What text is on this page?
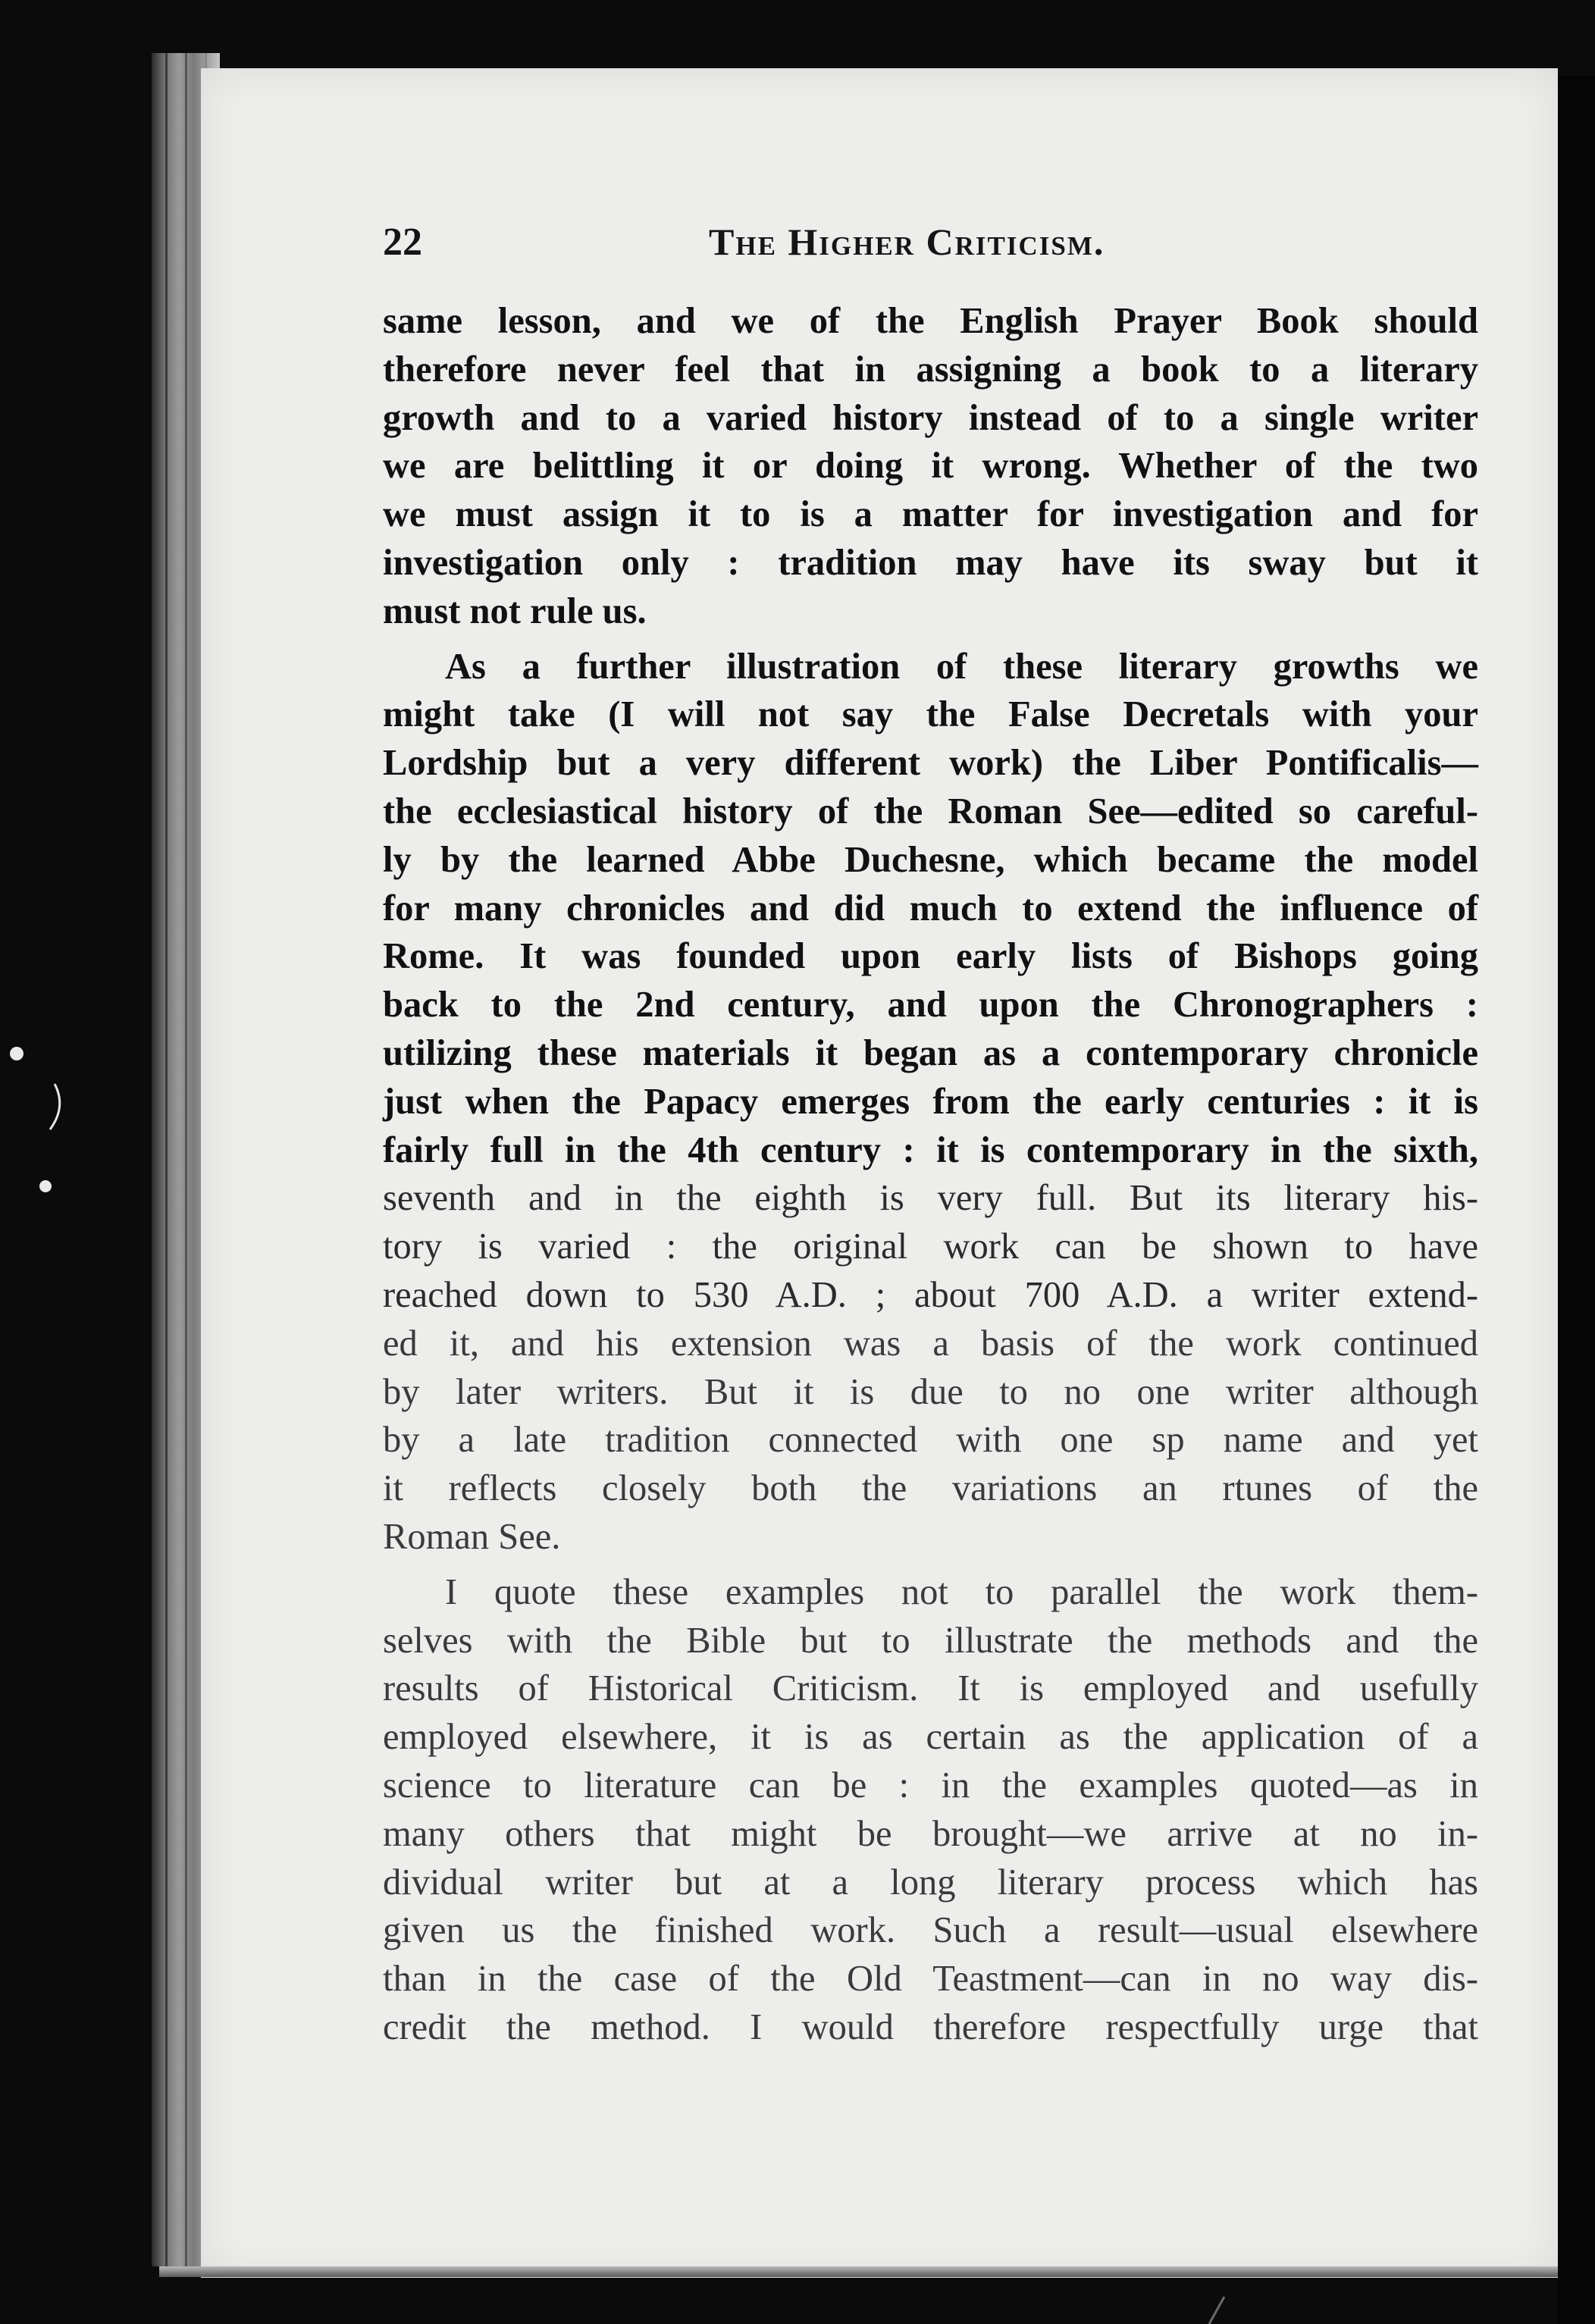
22	The Higher Criticism.

same lesson, and we of the English Prayer Book should
therefore never feel that in assigning a book to a literary
growth and to a varied history instead of to a single writer
we are belittling it or doing it wrong. Whether of the two
we must assign it to is a matter for investigation and for
investigation only : tradition may have its sway but it
must not rule us.

As a further illustration of these literary growths we
might take (I will not say the False Decretals with your
Lordship but a very different work) the Liber Pontificalis—
the ecclesiastical history of the Roman See—edited so careful-
ly by the learned Abbe Duchesne, which became the model
for many chronicles and did much to extend the influence of
Rome. It was founded upon early lists of Bishops going
back to the 2nd century, and upon the Chronographers :
utilizing these materials it began as a contemporary chronicle
just when the Papacy emerges from the early centuries : it is
fairly full in the 4th century : it is contemporary in the sixth,
seventh and in the eighth is very full. But its literary his-
tory is varied : the original work can be shown to have
reached down to 530 A.D. ; about 700 A.D. a writer extend-
ed it, and his extension was a basis of the work continued
by later writers. But it is due to no one writer although
by a late tradition connected with one sp name and yet
it reflects closely both the variations an rtunes of the
Roman See.

I quote these examples not to parallel the work them-
selves with the Bible but to illustrate the methods and the
results of Historical Criticism. It is employed and usefully
employed elsewhere, it is as certain as the application of a
science to literature can be : in the examples quoted—as in
many others that might be brought—we arrive at no in-
dividual writer but at a long literary process which has
given us the finished work. Such a result—usual elsewhere
than in the case of the Old Teastment—can in no way dis-
credit the method. I would therefore respectfully urge that
